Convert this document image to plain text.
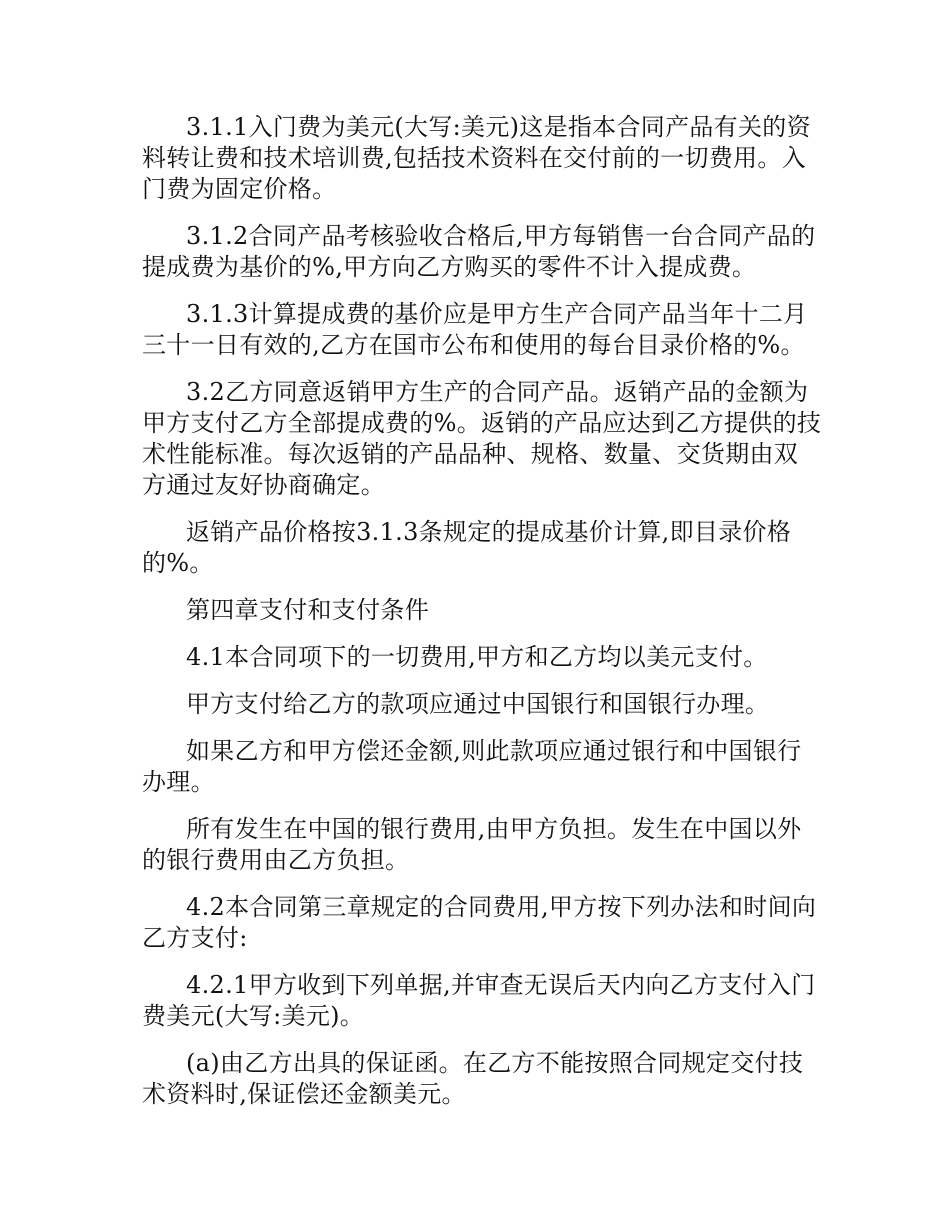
3.1.1入门费为美元(大写:美元)这是指本合同产品有关的资料转让费和技术培训费,包括技术资料在交付前的一切费用。入门费为固定价格。

3.1.2合同产品考核验收合格后,甲方每销售一台合同产品的提成费为基价的%,甲方向乙方购买的零件不计入提成费。

3.1.3计算提成费的基价应是甲方生产合同产品当年十二月三十一日有效的,乙方在国市公布和使用的每台目录价格的%。

3.2乙方同意返销甲方生产的合同产品。返销产品的金额为甲方支付乙方全部提成费的%。返销的产品应达到乙方提供的技术性能标准。每次返销的产品品种、规格、数量、交货期由双方通过友好协商确定。

返销产品价格按3.1.3条规定的提成基价计算,即目录价格的%。

第四章支付和支付条件

4.1本合同项下的一切费用,甲方和乙方均以美元支付。

甲方支付给乙方的款项应通过中国银行和国银行办理。

如果乙方和甲方偿还金额,则此款项应通过银行和中国银行办理。

所有发生在中国的银行费用,由甲方负担。发生在中国以外的银行费用由乙方负担。

4.2本合同第三章规定的合同费用,甲方按下列办法和时间向乙方支付:

4.2.1甲方收到下列单据,并审查无误后天内向乙方支付入门费美元(大写:美元)。

(a)由乙方出具的保证函。在乙方不能按照合同规定交付技术资料时,保证偿还金额美元。
